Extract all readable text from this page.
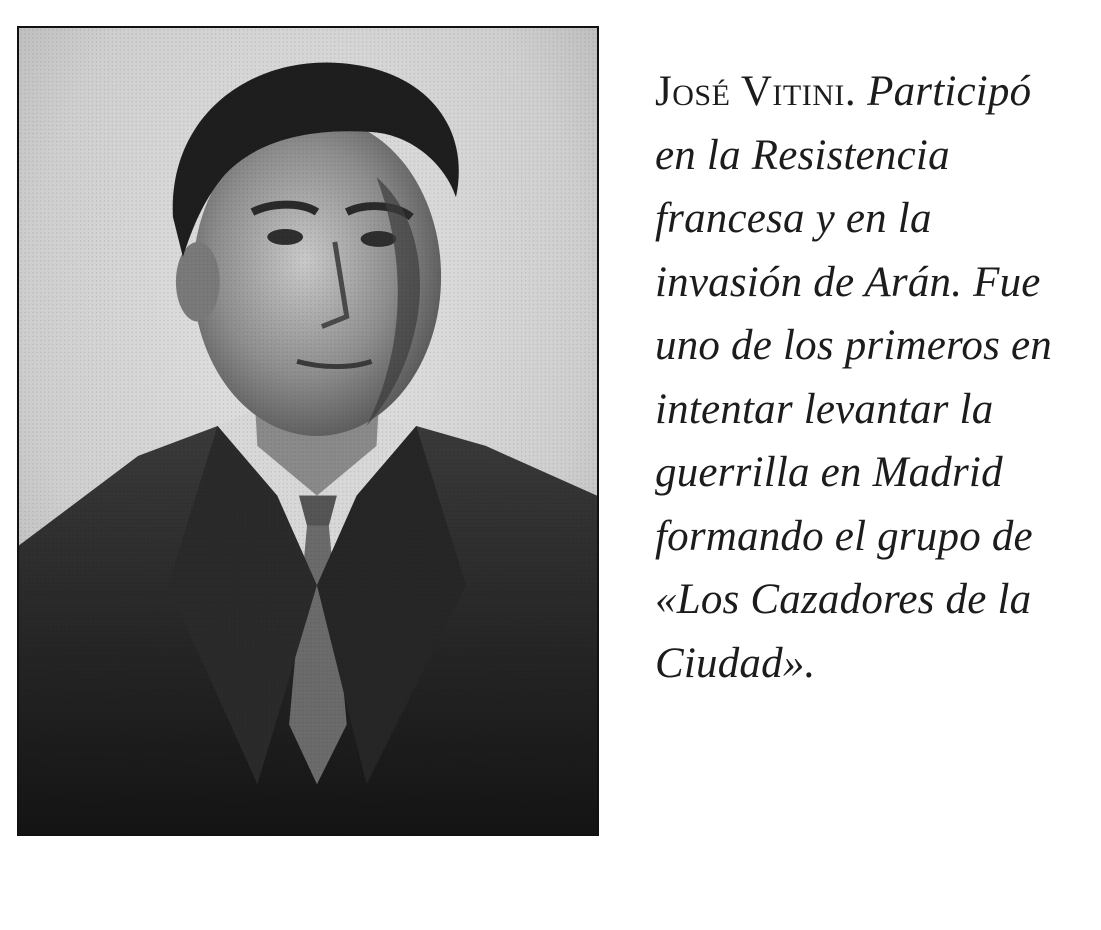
José Vitini. Participó
en la Resistencia
francesa y en la
invasión de Arán. Fue
uno de los primeros en
intentar levantar la
guerrilla en Madrid
formando el grupo de
«Los Cazadores de la
Ciudad».
